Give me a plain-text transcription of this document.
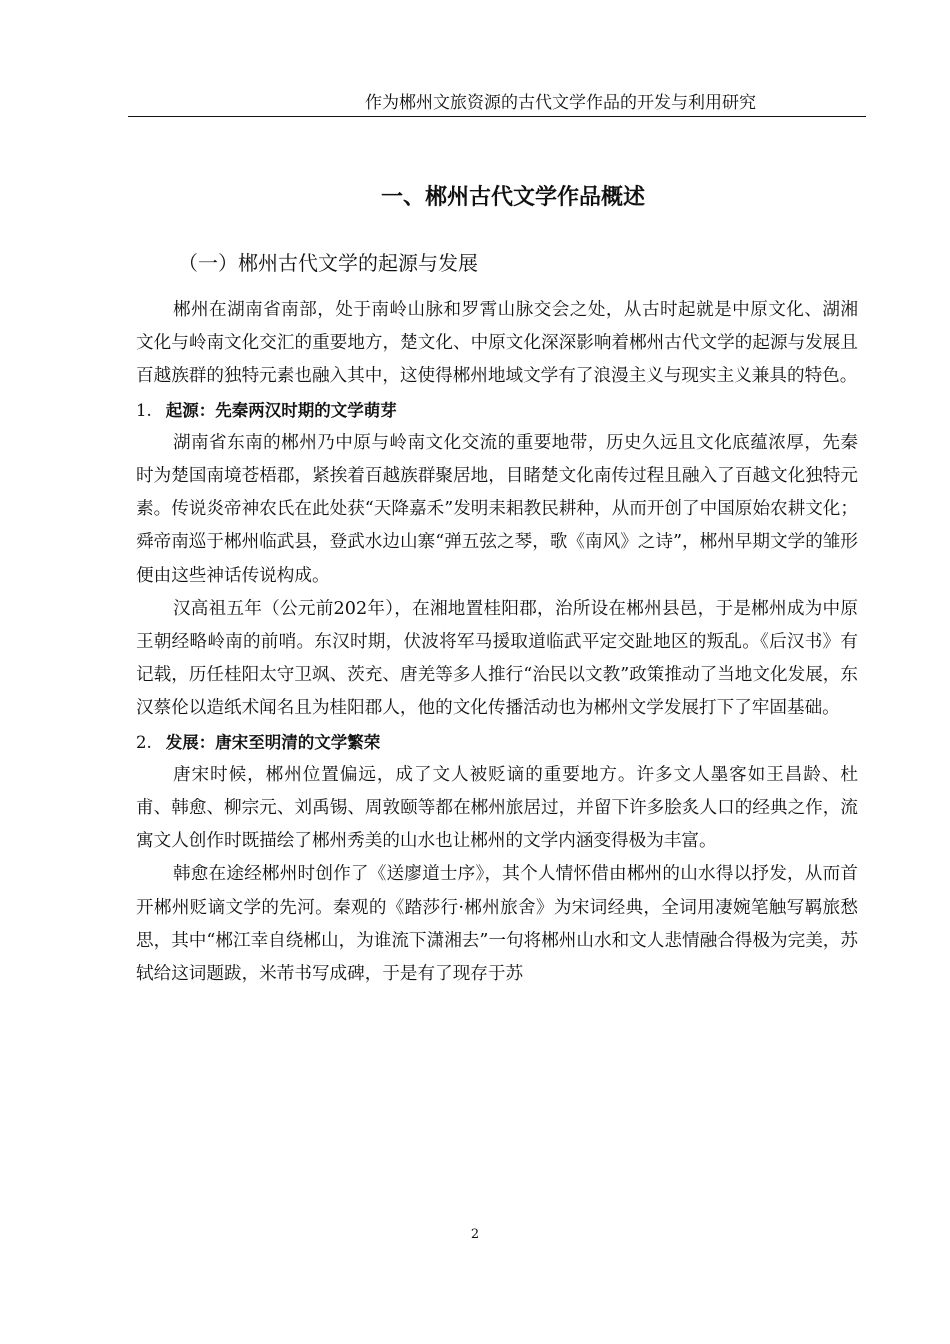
作为郴州文旅资源的古代文学作品的开发与利用研究
一、郴州古代文学作品概述
（一）郴州古代文学的起源与发展

郴州在湖南省南部，处于南岭山脉和罗霄山脉交会之处，从古时起就是中原文化、湖湘文化与岭南文化交汇的重要地方，楚文化、中原文化深深影响着郴州古代文学的起源与发展且百越族群的独特元素也融入其中，这使得郴州地域文学有了浪漫主义与现实主义兼具的特色。

1. 起源：先秦两汉时期的文学萌芽

湖南省东南的郴州乃中原与岭南文化交流的重要地带，历史久远且文化底蕴浓厚，先秦时为楚国南境苍梧郡，紧挨着百越族群聚居地，目睹楚文化南传过程且融入了百越文化独特元素。传说炎帝神农氏在此处获“天降嘉禾”发明耒耜教民耕种，从而开创了中国原始农耕文化；舜帝南巡于郴州临武县，登武水边山寨“弹五弦之琴，歌《南风》之诗”，郴州早期文学的雏形便由这些神话传说构成。

汉高祖五年（公元前202年），在湘地置桂阳郡，治所设在郴州县邑，于是郴州成为中原王朝经略岭南的前哨。东汉时期，伏波将军马援取道临武平定交趾地区的叛乱。《后汉书》有记载，历任桂阳太守卫飒、茨充、唐羌等多人推行“治民以文教”政策推动了当地文化发展，东汉蔡伦以造纸术闻名且为桂阳郡人，他的文化传播活动也为郴州文学发展打下了牢固基础。

2. 发展：唐宋至明清的文学繁荣

唐宋时候，郴州位置偏远，成了文人被贬谪的重要地方。许多文人墨客如王昌龄、杜甫、韩愈、柳宗元、刘禹锡、周敦颐等都在郴州旅居过，并留下许多脍炙人口的经典之作，流寓文人创作时既描绘了郴州秀美的山水也让郴州的文学内涵变得极为丰富。

韩愈在途经郴州时创作了《送廖道士序》，其个人情怀借由郴州的山水得以抒发，从而首开郴州贬谪文学的先河。秦观的《踏莎行·郴州旅舍》为宋词经典，全词用凄婉笔触写羁旅愁思，其中“郴江幸自绕郴山，为谁流下潇湘去”一句将郴州山水和文人悲情融合得极为完美，苏轼给这词题跋，米芾书写成碑，于是有了现存于苏

2
